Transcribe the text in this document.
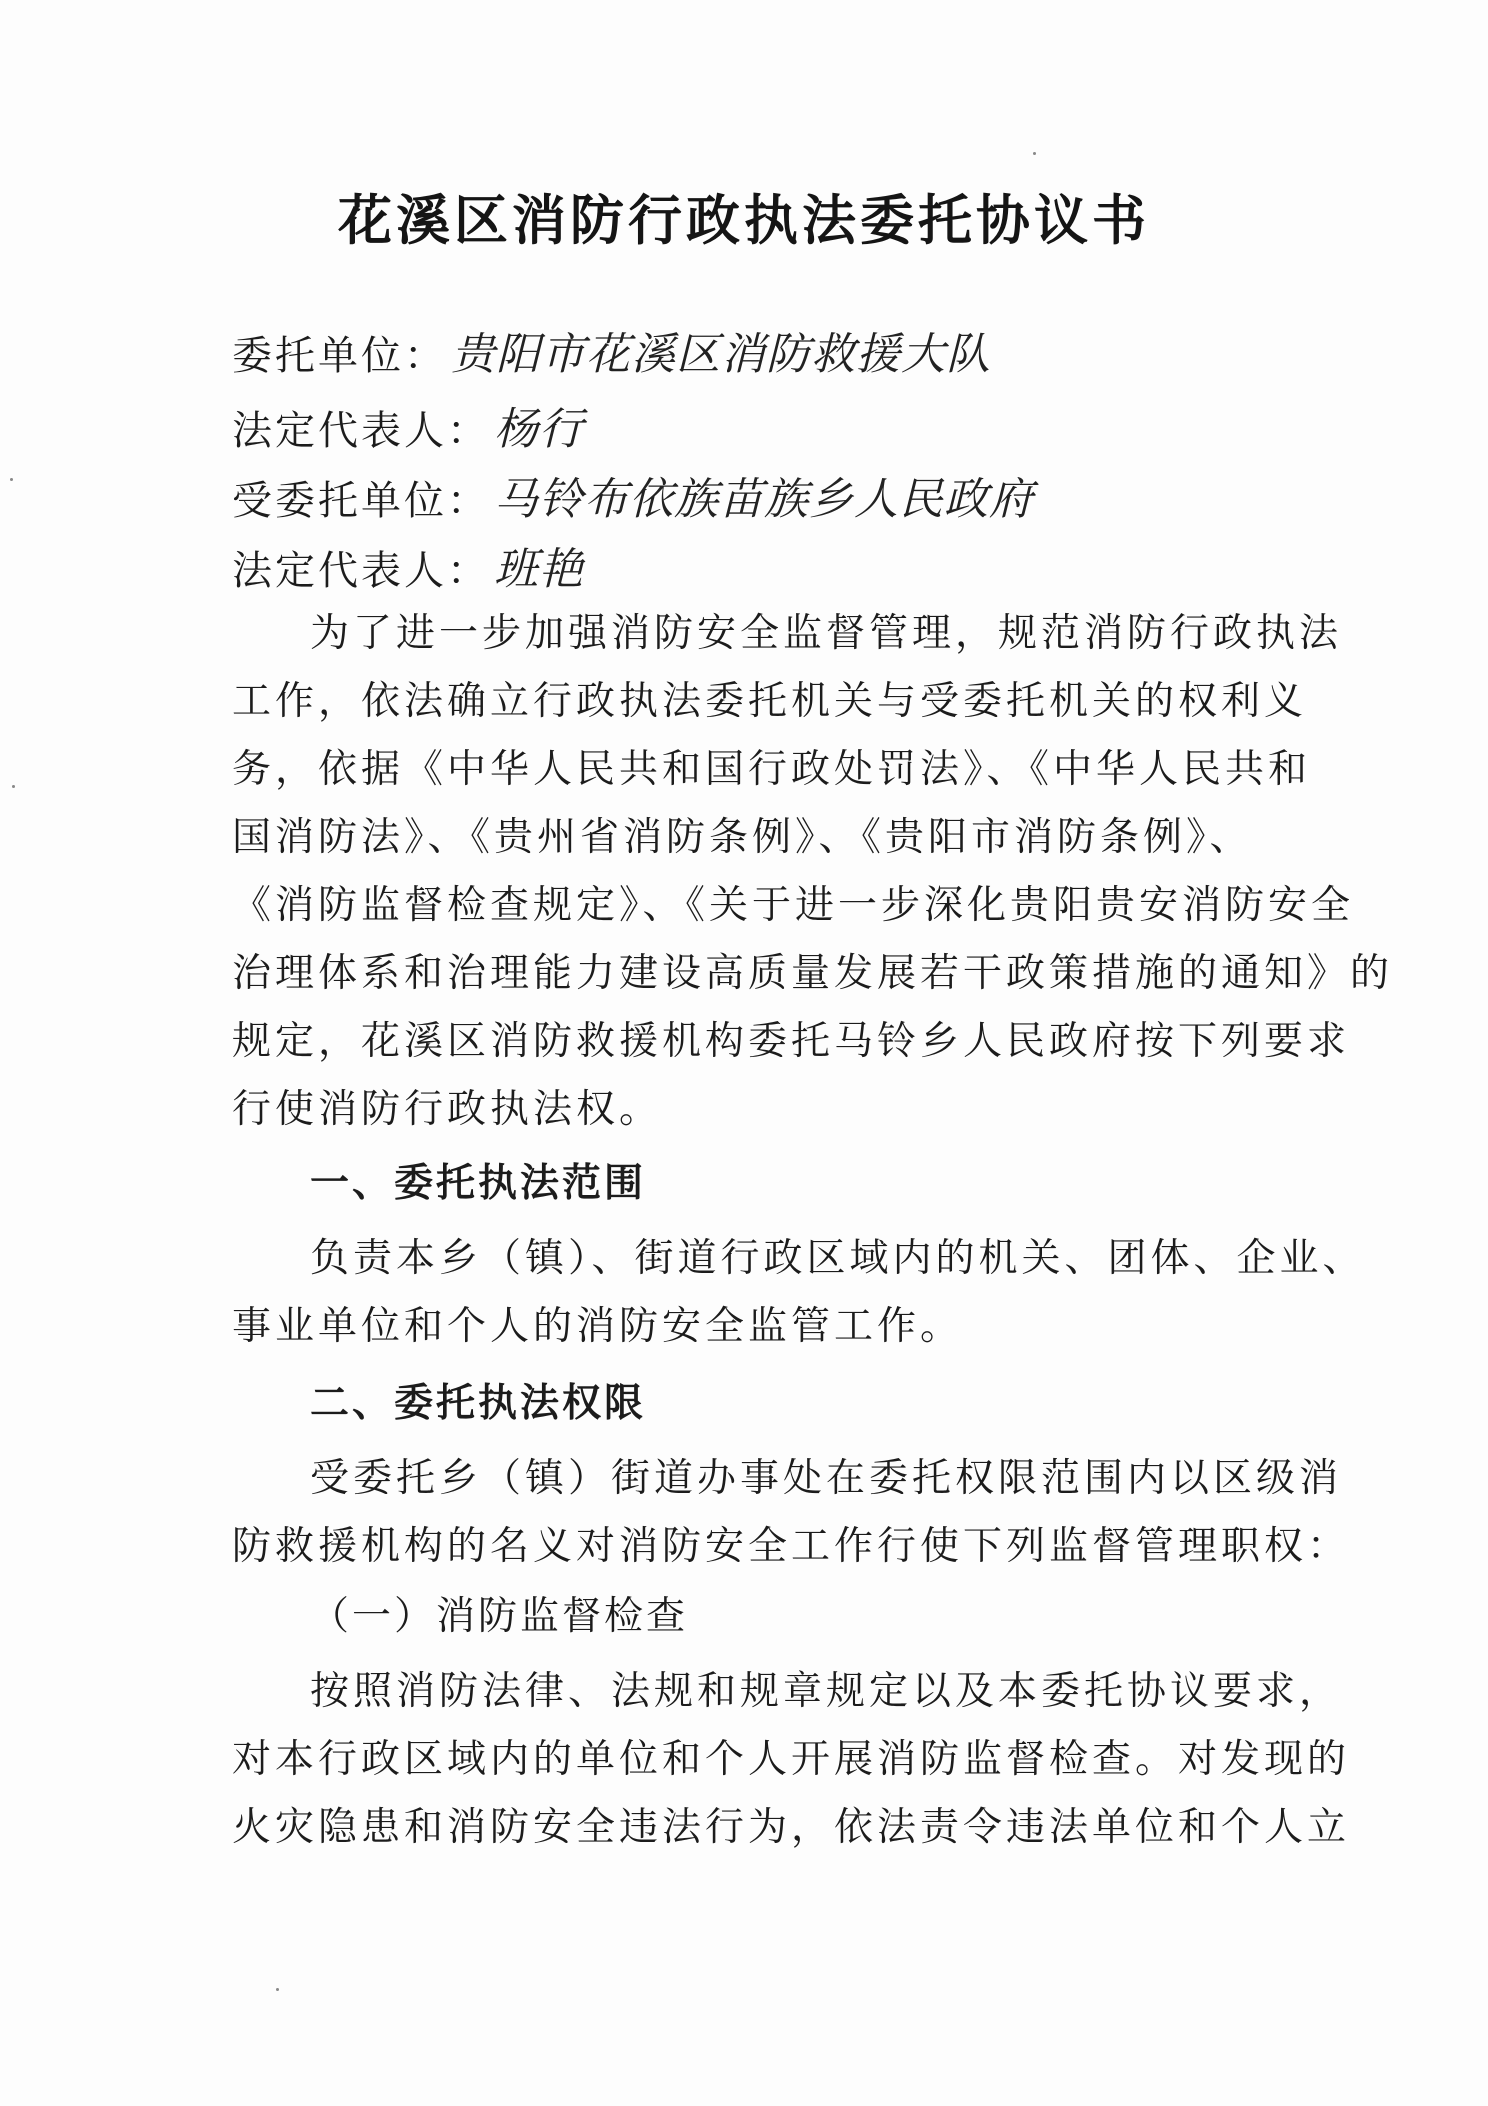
花溪区消防行政执法委托协议书
委托单位：贵阳市花溪区消防救援大队
法定代表人：杨行
受委托单位：马铃布依族苗族乡人民政府
法定代表人：班艳
为了进一步加强消防安全监督管理，规范消防行政执法
工作，依法确立行政执法委托机关与受委托机关的权利义
务，依据《中华人民共和国行政处罚法》、《中华人民共和
国消防法》、《贵州省消防条例》、《贵阳市消防条例》、
《消防监督检查规定》、《关于进一步深化贵阳贵安消防安全
治理体系和治理能力建设高质量发展若干政策措施的通知》的
规定，花溪区消防救援机构委托马铃乡人民政府按下列要求
行使消防行政执法权。
一、委托执法范围
负责本乡（镇）、街道行政区域内的机关、团体、企业、
事业单位和个人的消防安全监管工作。
二、委托执法权限
受委托乡（镇）街道办事处在委托权限范围内以区级消
防救援机构的名义对消防安全工作行使下列监督管理职权：
（一）消防监督检查
按照消防法律、法规和规章规定以及本委托协议要求，
对本行政区域内的单位和个人开展消防监督检查。对发现的
火灾隐患和消防安全违法行为，依法责令违法单位和个人立
